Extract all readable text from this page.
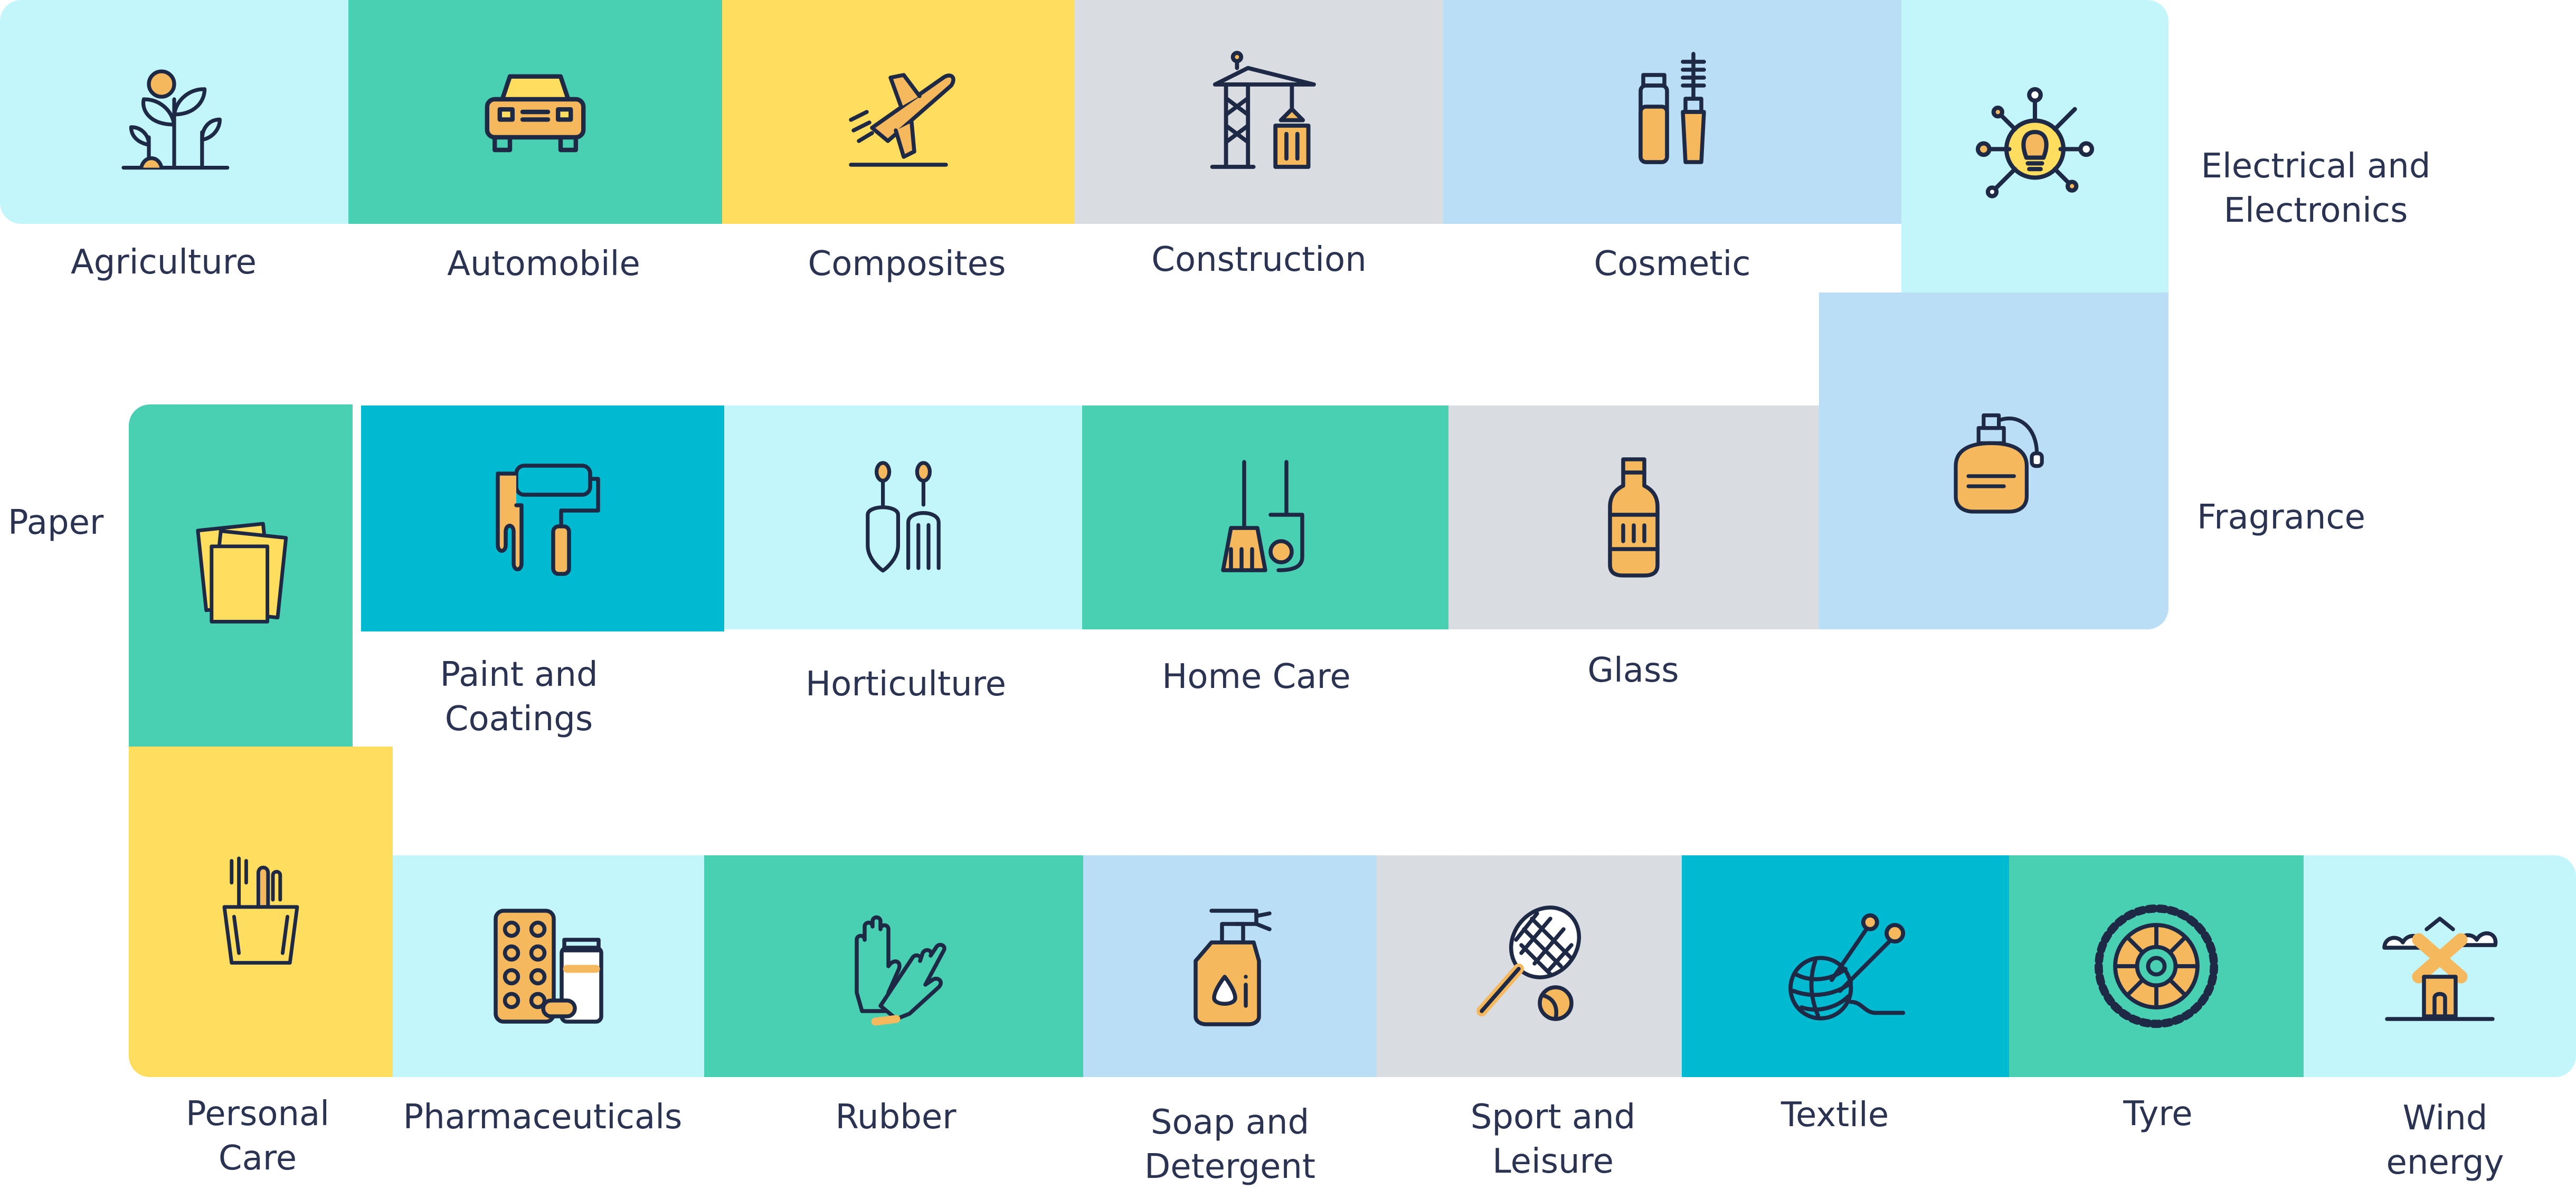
Agriculture	Automobile	Composites	Construction	Cosmetic
Electrical and
Electronics
Fragrance
Glass
Home Care
Horticulture
Paint and
Coatings
Paper
Personal
Care
Pharmaceuticals	Rubber	Soap and
Detergent
Sport and
Leisure
Textile	Tyre	Wind energy
